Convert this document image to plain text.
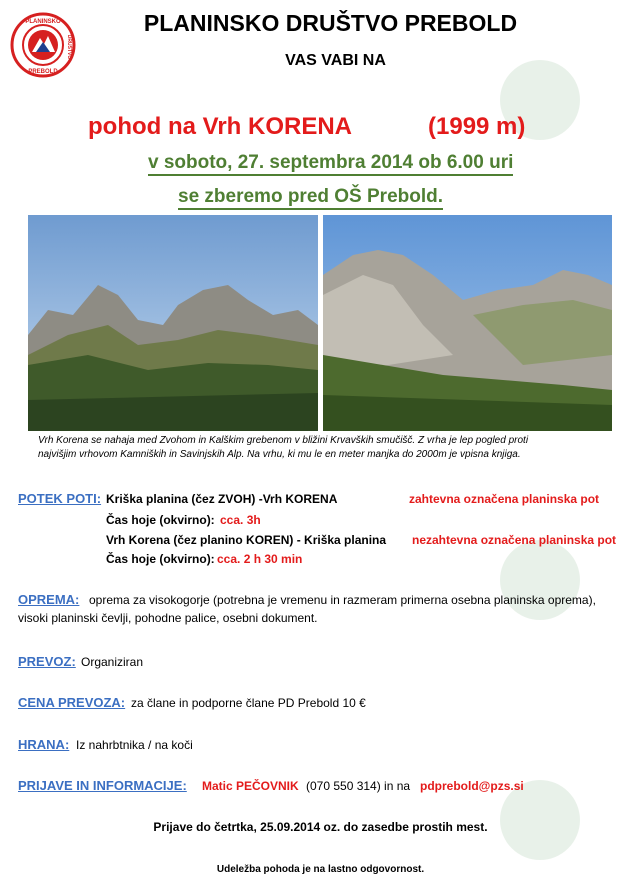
PLANINSKO
DRUŠTVO
PREBOLD
PLANINSKO DRUŠTVO PREBOLD
VAS VABI NA
pohod na Vrh KORENA	(1999 m)
v soboto, 27. septembra 2014 ob 6.00 uri
se zberemo pred OŠ Prebold.
Vrh Korena se nahaja med Zvohom in Kalškim grebenom v bližini Krvavških smučišč. Z vrha je lep pogled proti
najvišjim vrhovom Kamniških in Savinjskih Alp. Na vrhu, ki mu le en meter manjka do 2000m je vpisna knjiga.
POTEK POTI: Kriška planina (čez ZVOH) -Vrh KORENA	zahtevna označena planinska pot
Čas hoje (okvirno): cca. 3h
Vrh Korena (čez planino KOREN) - Kriška planina nezahtevna označena planinska pot
Čas hoje (okvirno): cca. 2 h 30 min
OPREMA: oprema za visokogorje (potrebna je vremenu in razmeram primerna osebna planinska oprema),
visoki planinski čevlji, pohodne palice, osebni dokument.
PREVOZ: Organiziran
CENA PREVOZA: za člane in podporne člane PD Prebold 10 €
HRANA: Iz nahrbtnika / na koči
PRIJAVE IN INFORMACIJE: Matic PEČOVNIK (070 550 314) in na pdprebold@pzs.si
Prijave do četrtka, 25.09.2014 oz. do zasedbe prostih mest.
Udeležba pohoda je na lastno odgovornost.
